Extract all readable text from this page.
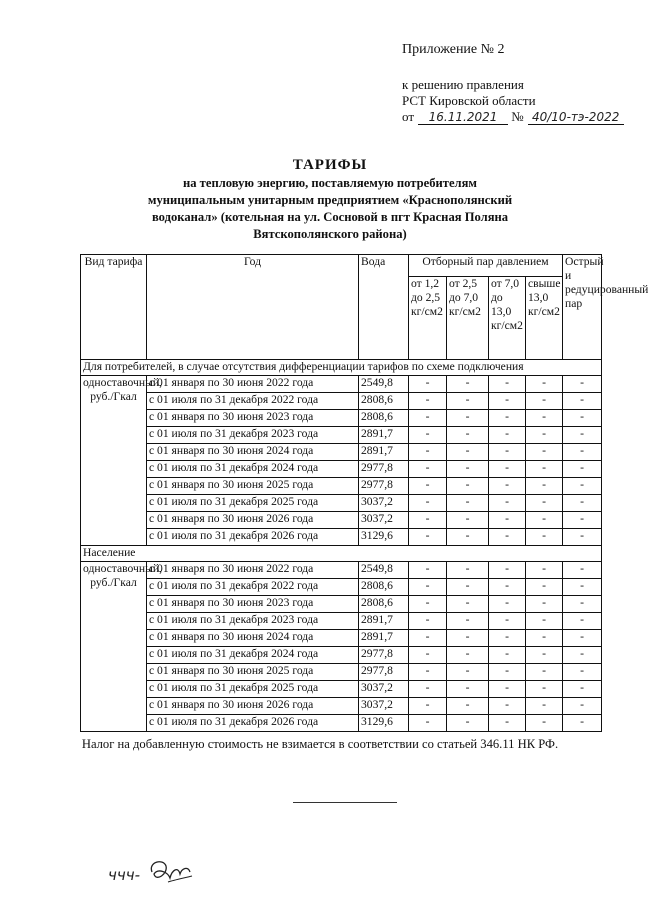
Приложение № 2
к решению правления
РСТ Кировской области
от 16.11.2021 № 40/10-тэ-2022
ТАРИФЫ
на тепловую энергию, поставляемую потребителям
муниципальным унитарным предприятием «Краснополянский
водоканал» (котельная на ул. Сосновой в пгт Красная Поляна
Вятскополянского района)
Вид тарифа	Год	Вода	Отборный пар давлением				Острый и редуцированный пар
			от 1,2 до 2,5 кг/см2	от 2,5 до 7,0 кг/см2	от 7,0 до 13,0 кг/см2	свыше 13,0 кг/см2	
Для потребителей, в случае отсутствия дифференциации тарифов по схеме подключения							
одноставочный, руб./Гкал	с 01 января по 30 июня 2022 года	2549,8	-	-	-	-	-
	с 01 июля по 31 декабря 2022 года	2808,6	-	-	-	-	-
	с 01 января по 30 июня 2023 года	2808,6	-	-	-	-	-
	с 01 июля по 31 декабря 2023 года	2891,7	-	-	-	-	-
	с 01 января по 30 июня 2024 года	2891,7	-	-	-	-	-
	с 01 июля по 31 декабря 2024 года	2977,8	-	-	-	-	-
	с 01 января по 30 июня 2025 года	2977,8	-	-	-	-	-
	с 01 июля по 31 декабря 2025 года	3037,2	-	-	-	-	-
	с 01 января по 30 июня 2026 года	3037,2	-	-	-	-	-
	с 01 июля по 31 декабря 2026 года	3129,6	-	-	-	-	-
Население							
одноставочный, руб./Гкал	с 01 января по 30 июня 2022 года	2549,8	-	-	-	-	-
	с 01 июля по 31 декабря 2022 года	2808,6	-	-	-	-	-
	с 01 января по 30 июня 2023 года	2808,6	-	-	-	-	-
	с 01 июля по 31 декабря 2023 года	2891,7	-	-	-	-	-
	с 01 января по 30 июня 2024 года	2891,7	-	-	-	-	-
	с 01 июля по 31 декабря 2024 года	2977,8	-	-	-	-	-
	с 01 января по 30 июня 2025 года	2977,8	-	-	-	-	-
	с 01 июля по 31 декабря 2025 года	3037,2	-	-	-	-	-
	с 01 января по 30 июня 2026 года	3037,2	-	-	-	-	-
	с 01 июля по 31 декабря 2026 года	3129,6	-	-	-	-	-
Налог на добавленную стоимость не взимается в соответствии со статьей 346.11 НК РФ.
ччч-
